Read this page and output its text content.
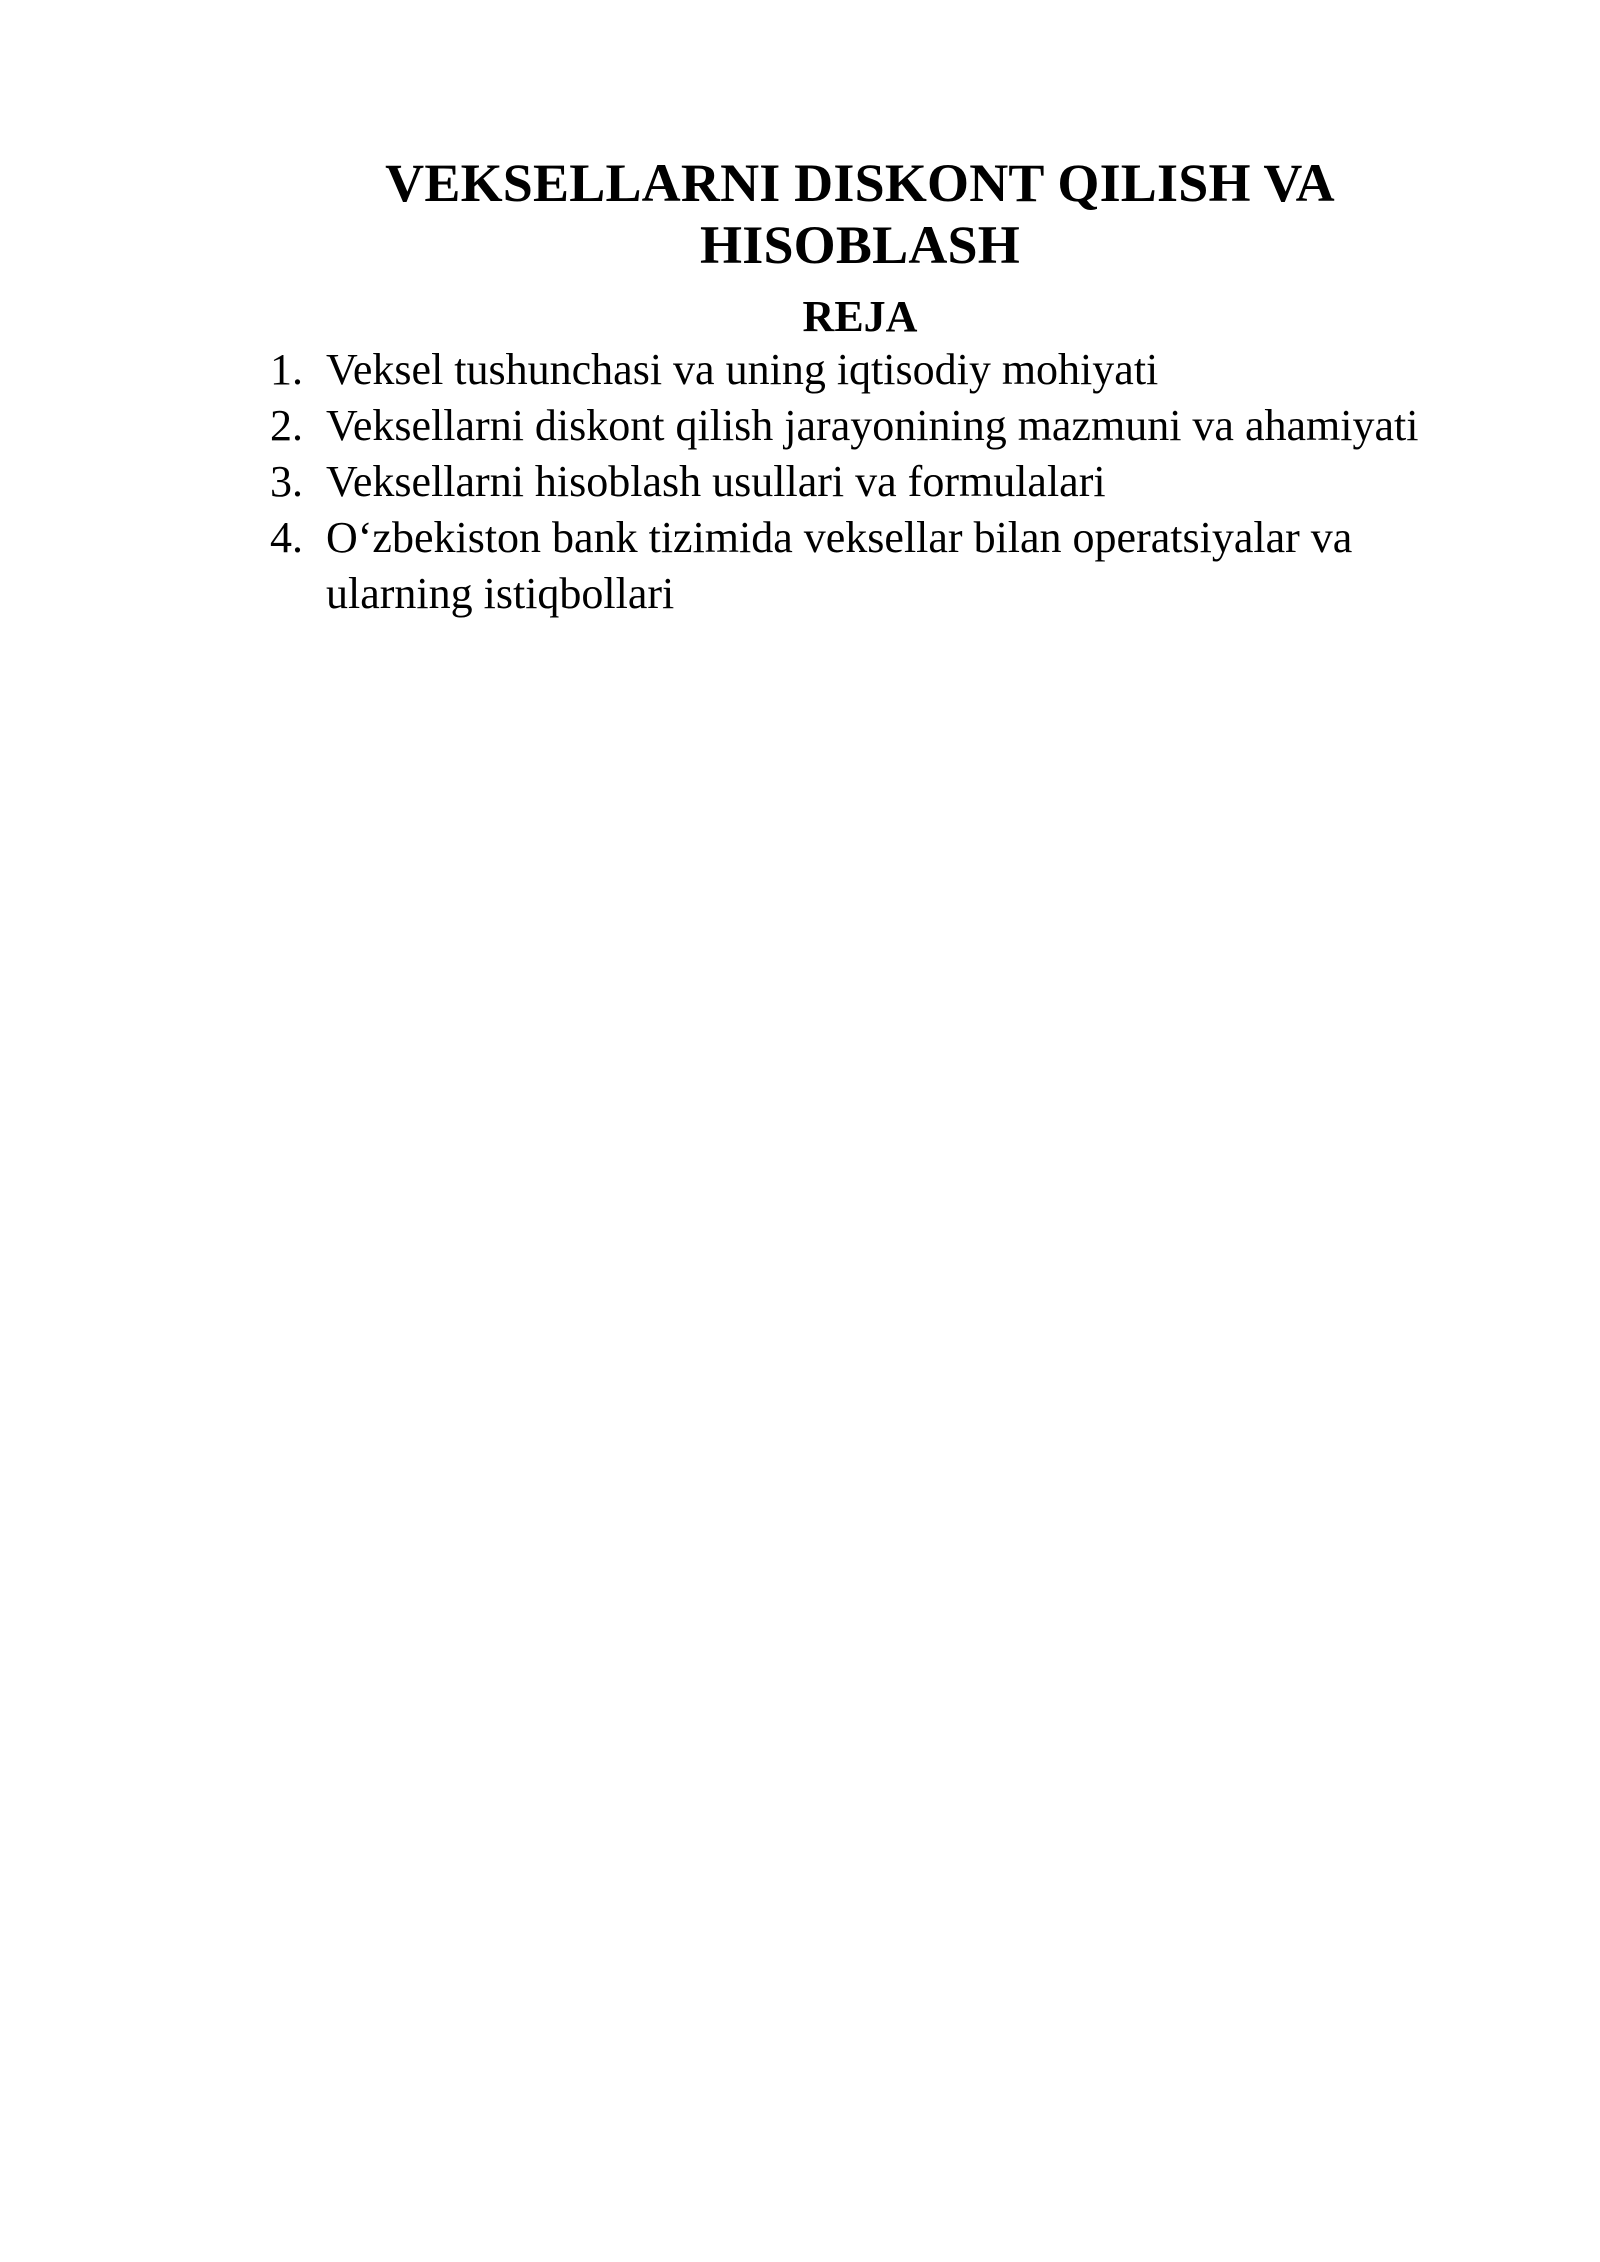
VEKSELLARNI DISKONT QILISH VA HISOBLASH
REJA
1. Veksel tushunchasi va uning iqtisodiy mohiyati
2. Veksellarni diskont qilish jarayonining mazmuni va ahamiyati
3. Veksellarni hisoblash usullari va formulalari
4. O‘zbekiston bank tizimida veksellar bilan operatsiyalar va ularning istiqbollari
